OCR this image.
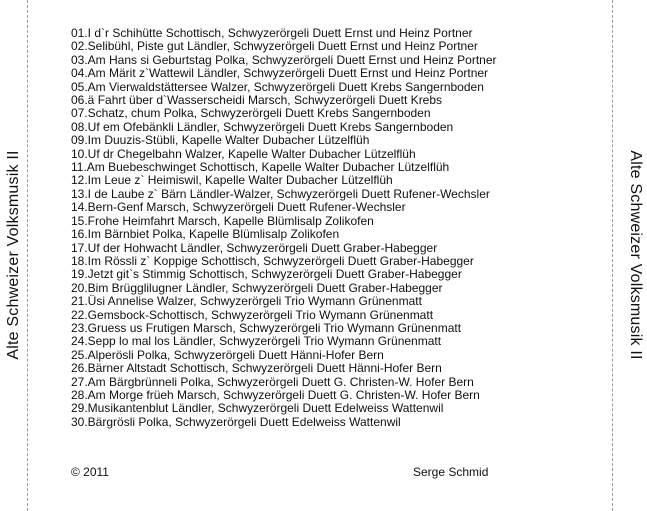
Alte Schweizer Volksmusik II	Alte Schweizer Volksmusik II
01.I d`r Schihütte Schottisch, Schwyzerörgeli Duett Ernst und Heinz Portner
02.Selibühl, Piste gut Ländler, Schwyzerörgeli Duett Ernst und Heinz Portner
03.Am Hans si Geburtstag Polka, Schwyzerörgeli Duett Ernst und Heinz Portner
04.Am Märit z`Wattewil Ländler, Schwyzerörgeli Duett Ernst und Heinz Portner
05.Am Vierwaldstättersee Walzer, Schwyzerörgeli Duett Krebs Sangernboden
06.ä Fahrt über d`Wasserscheidi Marsch, Schwyzerörgeli Duett Krebs
07.Schatz, chum Polka, Schwyzerörgeli Duett Krebs Sangernboden
08.Uf em Ofebänkli Ländler, Schwyzerörgeli Duett Krebs Sangernboden
09.Im Duuzis-Stübli, Kapelle Walter Dubacher Lützelflüh
10.Uf dr Chegelbahn Walzer, Kapelle Walter Dubacher Lützelflüh
11.Am Buebeschwinget Schottisch, Kapelle Walter Dubacher Lützelflüh
12.Im Leue z` Heimiswil, Kapelle Walter Dubacher Lützelflüh
13.I de Laube z` Bärn Ländler-Walzer, Schwyzerörgeli Duett Rufener-Wechsler
14.Bern-Genf Marsch, Schwyzerörgeli Duett Rufener-Wechsler
15.Frohe Heimfahrt Marsch, Kapelle Blümlisalp Zolikofen
16.Im Bärnbiet Polka, Kapelle Blümlisalp Zolikofen
17.Uf der Hohwacht Ländler, Schwyzerörgeli Duett Graber-Habegger
18.Im Rössli z` Koppige Schottisch, Schwyzerörgeli Duett Graber-Habegger
19.Jetzt git`s Stimmig Schottisch, Schwyzerörgeli Duett Graber-Habegger
20.Bim Brügglilugner Ländler, Schwyzerörgeli Duett Graber-Habegger
21.Üsi Annelise Walzer, Schwyzerörgeli Trio Wymann Grünenmatt
22.Gemsbock-Schottisch, Schwyzerörgeli Trio Wymann Grünenmatt
23.Gruess us Frutigen Marsch, Schwyzerörgeli Trio Wymann Grünenmatt
24.Sepp lo mal los Ländler, Schwyzerörgeli Trio Wymann Grünenmatt
25.Alperösli Polka, Schwyzerörgeli Duett Hänni-Hofer Bern
26.Bärner Altstadt Schottisch, Schwyzerörgeli Duett Hänni-Hofer Bern
27.Am Bärgbrünneli Polka, Schwyzerörgeli Duett G. Christen-W. Hofer Bern
28.Am Morge früeh Marsch, Schwyzerörgeli Duett G. Christen-W. Hofer Bern
29.Musikantenblut Ländler, Schwyzerörgeli Duett Edelweiss Wattenwil
30.Bärgrösli Polka, Schwyzerörgeli Duett Edelweiss Wattenwil
© 2011	Serge Schmid
